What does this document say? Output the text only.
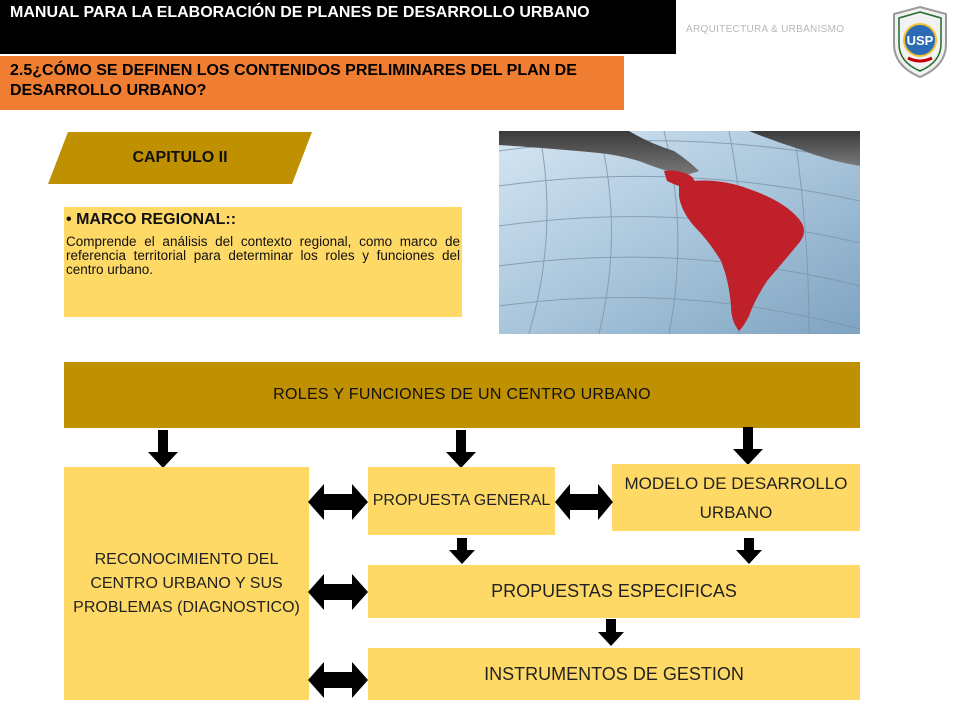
MANUAL PARA LA ELABORACIÓN DE PLANES DE DESARROLLO URBANO
ARQUITECTURA & URBANISMO
USP
2.5¿CÓMO SE DEFINEN LOS CONTENIDOS PRELIMINARES DEL PLAN DE DESARROLLO URBANO?
CAPITULO II
• MARCO REGIONAL::
Comprende el análisis del contexto regional, como marco de referencia territorial para determinar los roles y funciones del centro urbano.
ROLES Y FUNCIONES DE UN CENTRO URBANO
RECONOCIMIENTO DEL CENTRO URBANO Y SUS PROBLEMAS (DIAGNOSTICO)
PROPUESTA GENERAL
MODELO DE DESARROLLO URBANO
PROPUESTAS ESPECIFICAS
INSTRUMENTOS DE GESTION
